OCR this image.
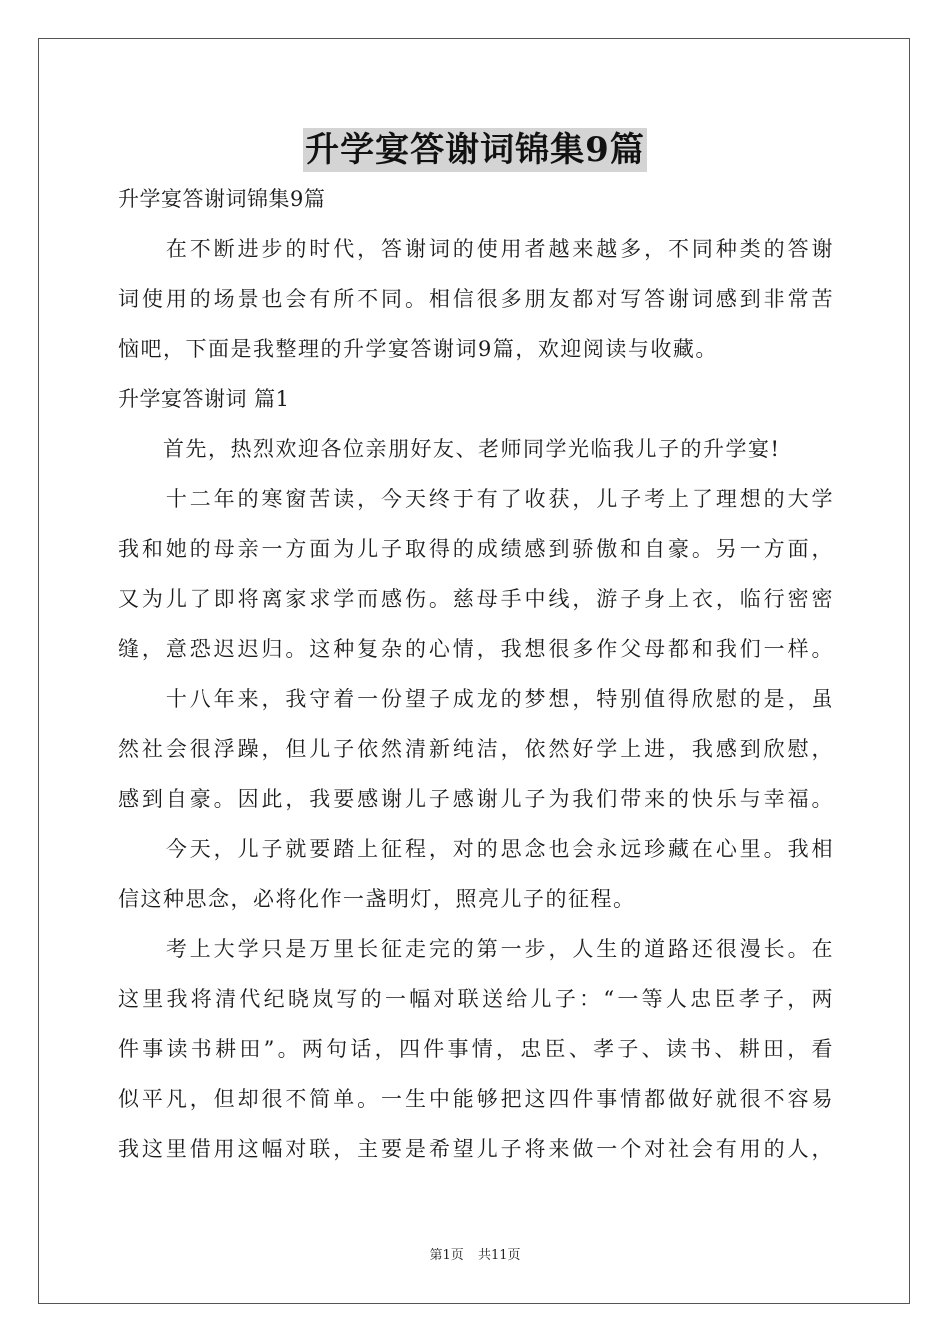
升学宴答谢词锦集9篇
升学宴答谢词锦集9篇
　　在不断进步的时代，答谢词的使用者越来越多，不同种类的答谢
词使用的场景也会有所不同。相信很多朋友都对写答谢词感到非常苦
恼吧，下面是我整理的升学宴答谢词9篇，欢迎阅读与收藏。
升学宴答谢词 篇1
　　首先，热烈欢迎各位亲朋好友、老师同学光临我儿子的升学宴!
　　十二年的寒窗苦读，今天终于有了收获，儿子考上了理想的大学
我和她的母亲一方面为儿子取得的成绩感到骄傲和自豪。另一方面，
又为儿了即将离家求学而感伤。慈母手中线，游子身上衣，临行密密
缝，意恐迟迟归。这种复杂的心情，我想很多作父母都和我们一样。
　　十八年来，我守着一份望子成龙的梦想，特别值得欣慰的是，虽
然社会很浮躁，但儿子依然清新纯洁，依然好学上进，我感到欣慰，
感到自豪。因此，我要感谢儿子感谢儿子为我们带来的快乐与幸福。
　　今天，儿子就要踏上征程，对的思念也会永远珍藏在心里。我相
信这种思念，必将化作一盏明灯，照亮儿子的征程。
　　考上大学只是万里长征走完的第一步，人生的道路还很漫长。在
这里我将清代纪晓岚写的一幅对联送给儿子：“一等人忠臣孝子，两
件事读书耕田”。两句话，四件事情，忠臣、孝子、读书、耕田，看
似平凡，但却很不简单。一生中能够把这四件事情都做好就很不容易
我这里借用这幅对联，主要是希望儿子将来做一个对社会有用的人，
第1页 共11页
